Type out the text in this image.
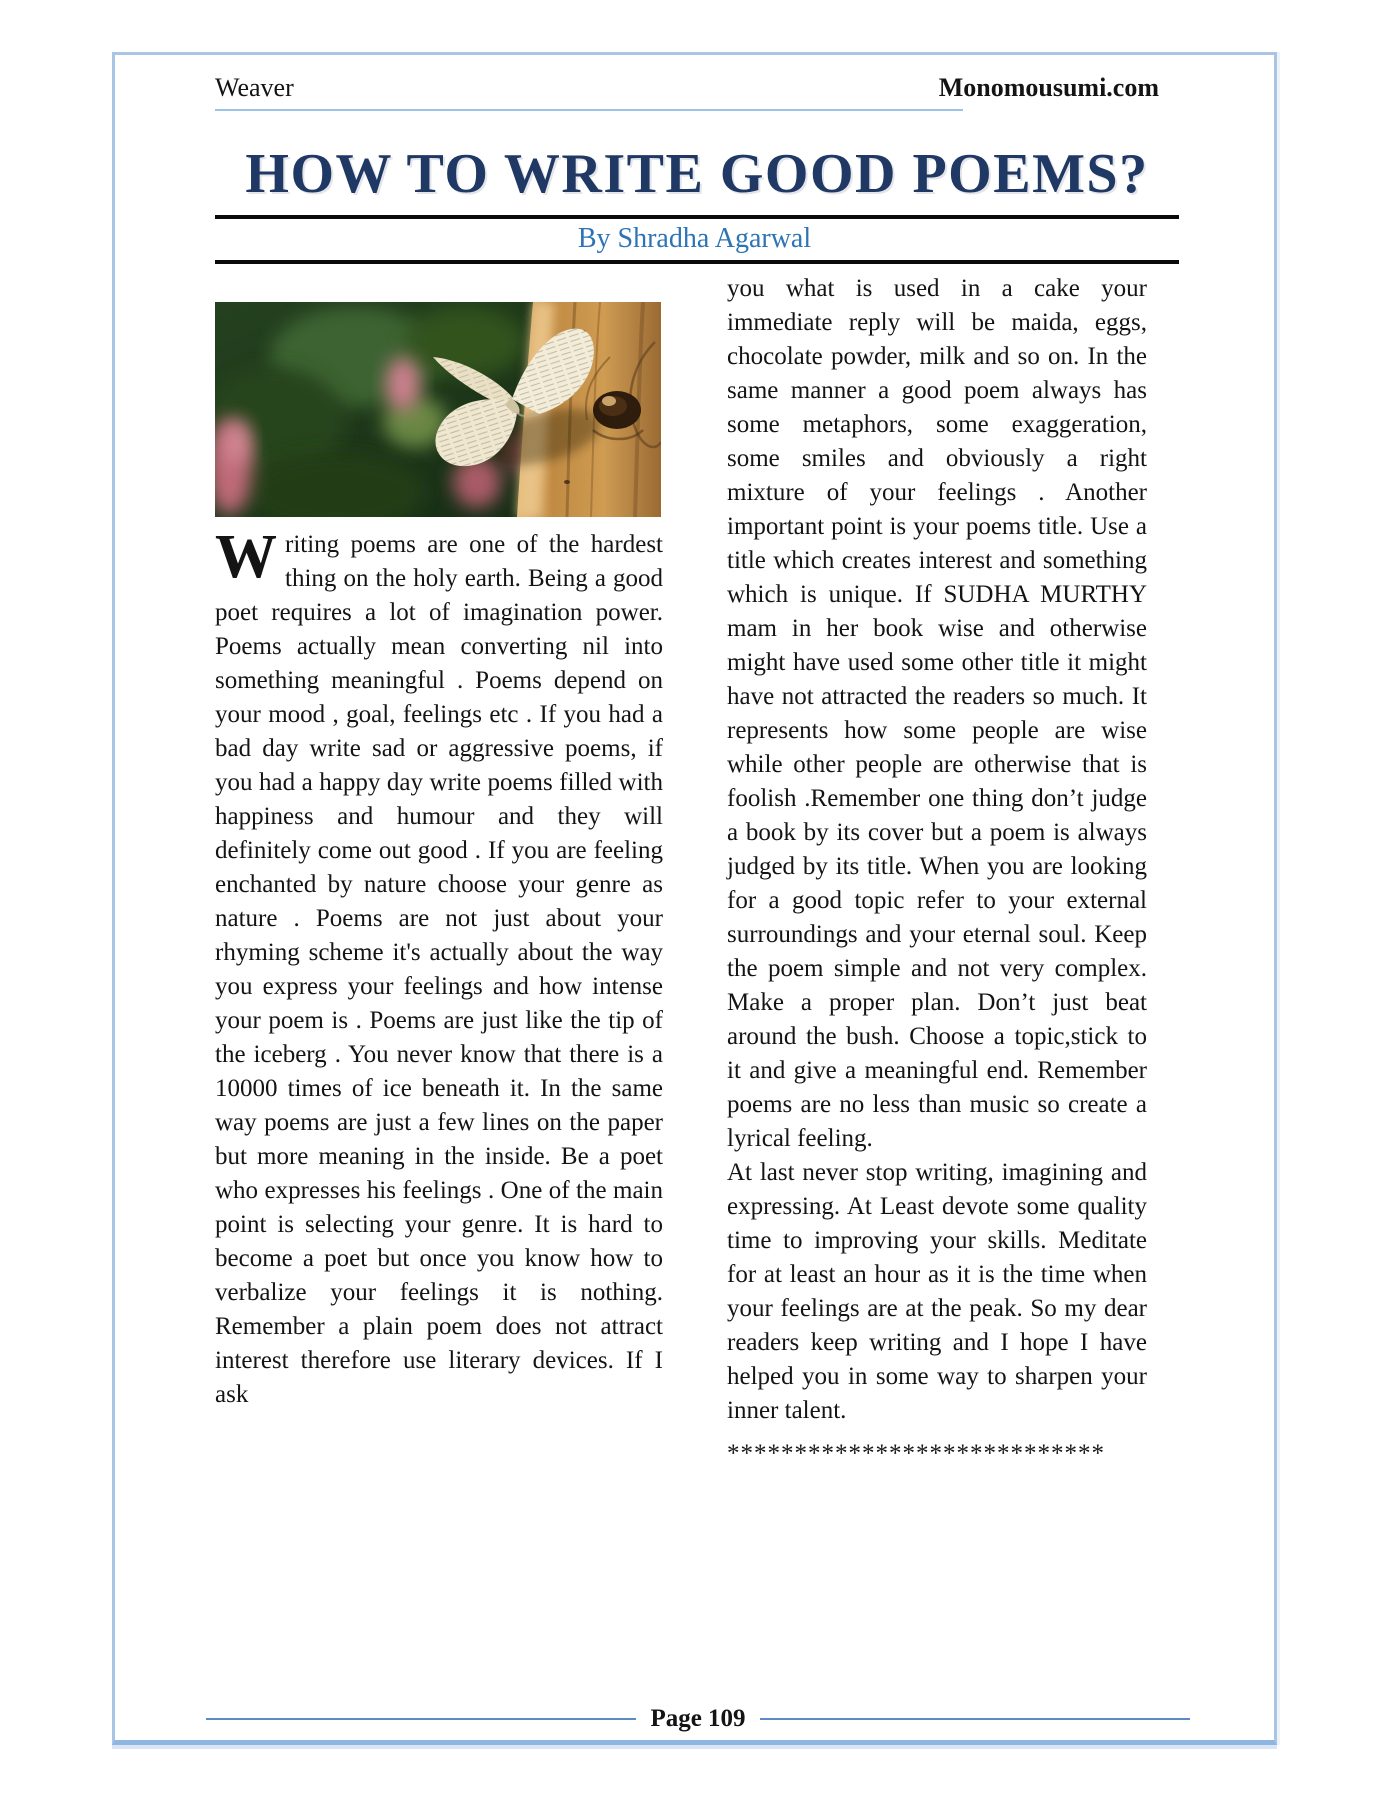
Weaver	Monomousumi.com
HOW TO WRITE GOOD POEMS?
By Shradha Agarwal

Writing poems are one of the hardest thing on the holy earth. Being a good poet requires a lot of imagination power. Poems actually mean converting nil into something meaningful . Poems depend on your mood , goal, feelings etc . If you had a bad day write sad or aggressive poems, if you had a happy day write poems filled with happiness and humour and they will definitely come out good . If you are feeling enchanted by nature choose your genre as nature . Poems are not just about your rhyming scheme it's actually about the way you express your feelings and how intense your poem is . Poems are just like the tip of the iceberg . You never know that there is a 10000 times of ice beneath it. In the same way poems are just a few lines on the paper but more meaning in the inside. Be a poet who expresses his feelings . One of the main point is selecting your genre. It is hard to become a poet but once you know how to verbalize your feelings it is nothing. Remember a plain poem does not attract interest therefore use literary devices. If I ask

you what is used in a cake your immediate reply will be maida, eggs, chocolate powder, milk and so on. In the same manner a good poem always has some metaphors, some exaggeration, some smiles and obviously a right mixture of your feelings . Another important point is your poems title. Use a title which creates interest and something which is unique. If SUDHA MURTHY mam in her book wise and otherwise might have used some other title it might have not attracted the readers so much. It represents how some people are wise while other people are otherwise that is foolish .Remember one thing don’t judge a book by its cover but a poem is always judged by its title. When you are looking for a good topic refer to your external surroundings and your eternal soul. Keep the poem simple and not very complex. Make a proper plan. Don’t just beat around the bush. Choose a topic,stick to it and give a meaningful end. Remember poems are no less than music so create a lyrical feeling.

At last never stop writing, imagining and expressing. At Least devote some quality time to improving your skills. Meditate for at least an hour as it is the time when your feelings are at the peak. So my dear readers keep writing and I hope I have helped you in some way to sharpen your inner talent.

****************************
Page 109
